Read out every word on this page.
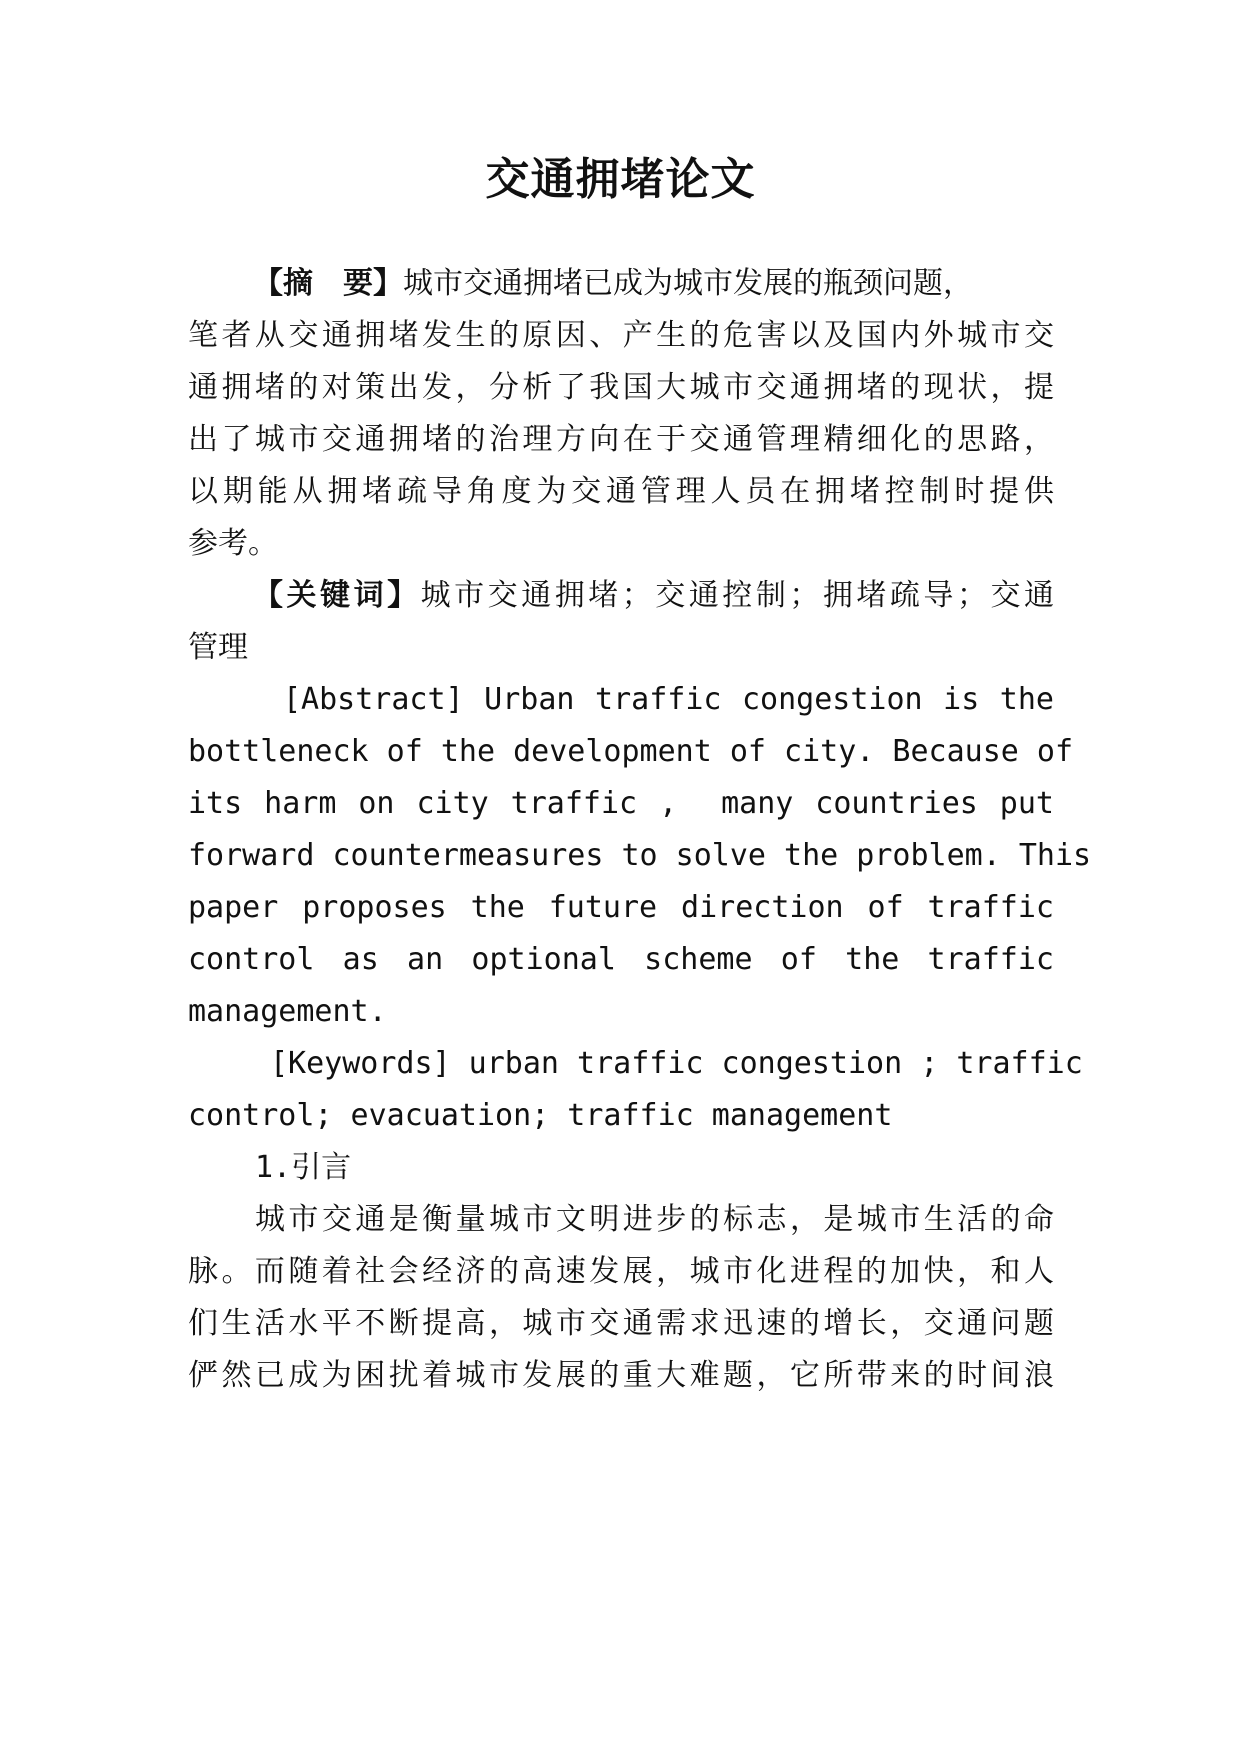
交通拥堵论文
【摘　要】城市交通拥堵已成为城市发展的瓶颈问题，
笔者从交通拥堵发生的原因、产生的危害以及国内外城市交
通拥堵的对策出发，分析了我国大城市交通拥堵的现状，提
出了城市交通拥堵的治理方向在于交通管理精细化的思路，
以期能从拥堵疏导角度为交通管理人员在拥堵控制时提供
参考。
【关键词】城市交通拥堵；交通控制；拥堵疏导；交通
管理
[Abstract] Urban traffic congestion is the
bottleneck of the development of city. Because of
its harm on city traffic ,  many countries put
forward countermeasures to solve the problem. This
paper proposes the future direction of traffic
control as an optional scheme of the traffic
management.
[Keywords] urban traffic congestion ; traffic
control; evacuation; traffic management
1.引言
城市交通是衡量城市文明进步的标志，是城市生活的命
脉。而随着社会经济的高速发展，城市化进程的加快，和人
们生活水平不断提高，城市交通需求迅速的增长，交通问题
俨然已成为困扰着城市发展的重大难题，它所带来的时间浪
